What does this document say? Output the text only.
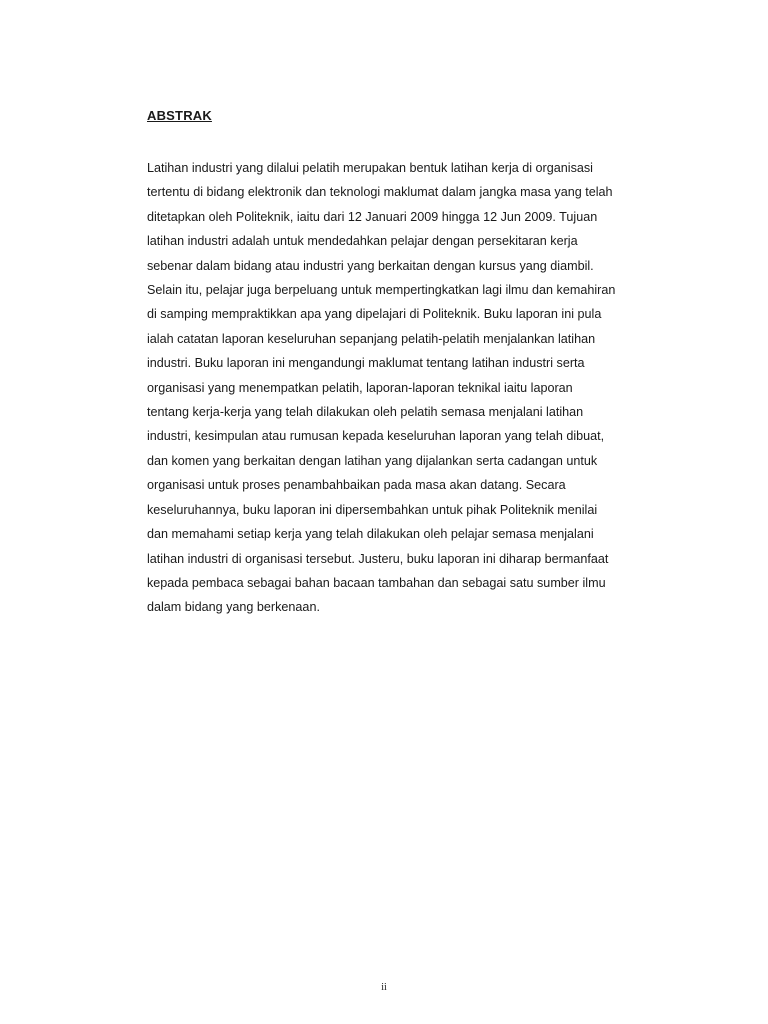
ABSTRAK

Latihan industri yang dilalui pelatih merupakan bentuk latihan kerja di organisasi
tertentu di bidang elektronik dan teknologi maklumat dalam jangka masa yang telah
ditetapkan oleh Politeknik, iaitu dari 12 Januari 2009 hingga 12 Jun 2009. Tujuan
latihan industri adalah untuk mendedahkan pelajar dengan persekitaran kerja
sebenar dalam bidang atau industri yang berkaitan dengan kursus yang diambil.
Selain itu, pelajar juga berpeluang untuk mempertingkatkan lagi ilmu dan kemahiran
di samping mempraktikkan apa yang dipelajari di Politeknik. Buku laporan ini pula
ialah catatan laporan keseluruhan sepanjang pelatih-pelatih menjalankan latihan
industri. Buku laporan ini mengandungi maklumat tentang latihan industri serta
organisasi yang menempatkan pelatih, laporan-laporan teknikal iaitu laporan
tentang kerja-kerja yang telah dilakukan oleh pelatih semasa menjalani latihan
industri, kesimpulan atau rumusan kepada keseluruhan laporan yang telah dibuat,
dan komen yang berkaitan dengan latihan yang dijalankan serta cadangan untuk
organisasi untuk proses penambahbaikan pada masa akan datang. Secara
keseluruhannya, buku laporan ini dipersembahkan untuk pihak Politeknik menilai
dan memahami setiap kerja yang telah dilakukan oleh pelajar semasa menjalani
latihan industri di organisasi tersebut. Justeru, buku laporan ini diharap bermanfaat
kepada pembaca sebagai bahan bacaan tambahan dan sebagai satu sumber ilmu
dalam bidang yang berkenaan.

ii
